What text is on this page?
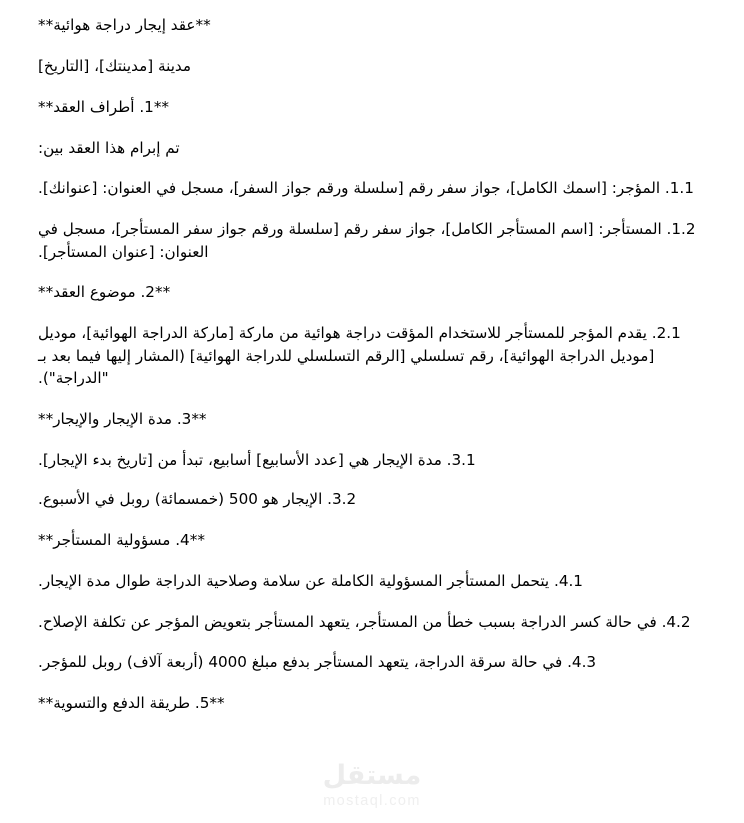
**عقد إيجار دراجة هوائية**

مدينة [مدينتك]، [التاريخ]

**1. أطراف العقد**

تم إبرام هذا العقد بين:

1.1. المؤجر: [اسمك الكامل]، جواز سفر رقم [سلسلة ورقم جواز السفر]، مسجل في العنوان: [عنوانك].

1.2. المستأجر: [اسم المستأجر الكامل]، جواز سفر رقم [سلسلة ورقم جواز سفر المستأجر]، مسجل في العنوان: [عنوان المستأجر].

**2. موضوع العقد**

2.1. يقدم المؤجر للمستأجر للاستخدام المؤقت دراجة هوائية من ماركة [ماركة الدراجة الهوائية]، موديل [موديل الدراجة الهوائية]، رقم تسلسلي [الرقم التسلسلي للدراجة الهوائية] (المشار إليها فيما بعد بـ "الدراجة").

**3. مدة الإيجار والإيجار**

3.1. مدة الإيجار هي [عدد الأسابيع] أسابيع، تبدأ من [تاريخ بدء الإيجار].

3.2. الإيجار هو 500 (خمسمائة) روبل في الأسبوع.

**4. مسؤولية المستأجر**

4.1. يتحمل المستأجر المسؤولية الكاملة عن سلامة وصلاحية الدراجة طوال مدة الإيجار.

4.2. في حالة كسر الدراجة بسبب خطأ من المستأجر، يتعهد المستأجر بتعويض المؤجر عن تكلفة الإصلاح.

4.3. في حالة سرقة الدراجة، يتعهد المستأجر بدفع مبلغ 4000 (أربعة آلاف) روبل للمؤجر.

**5. طريقة الدفع والتسوية**

مستقل
mostaql.com
